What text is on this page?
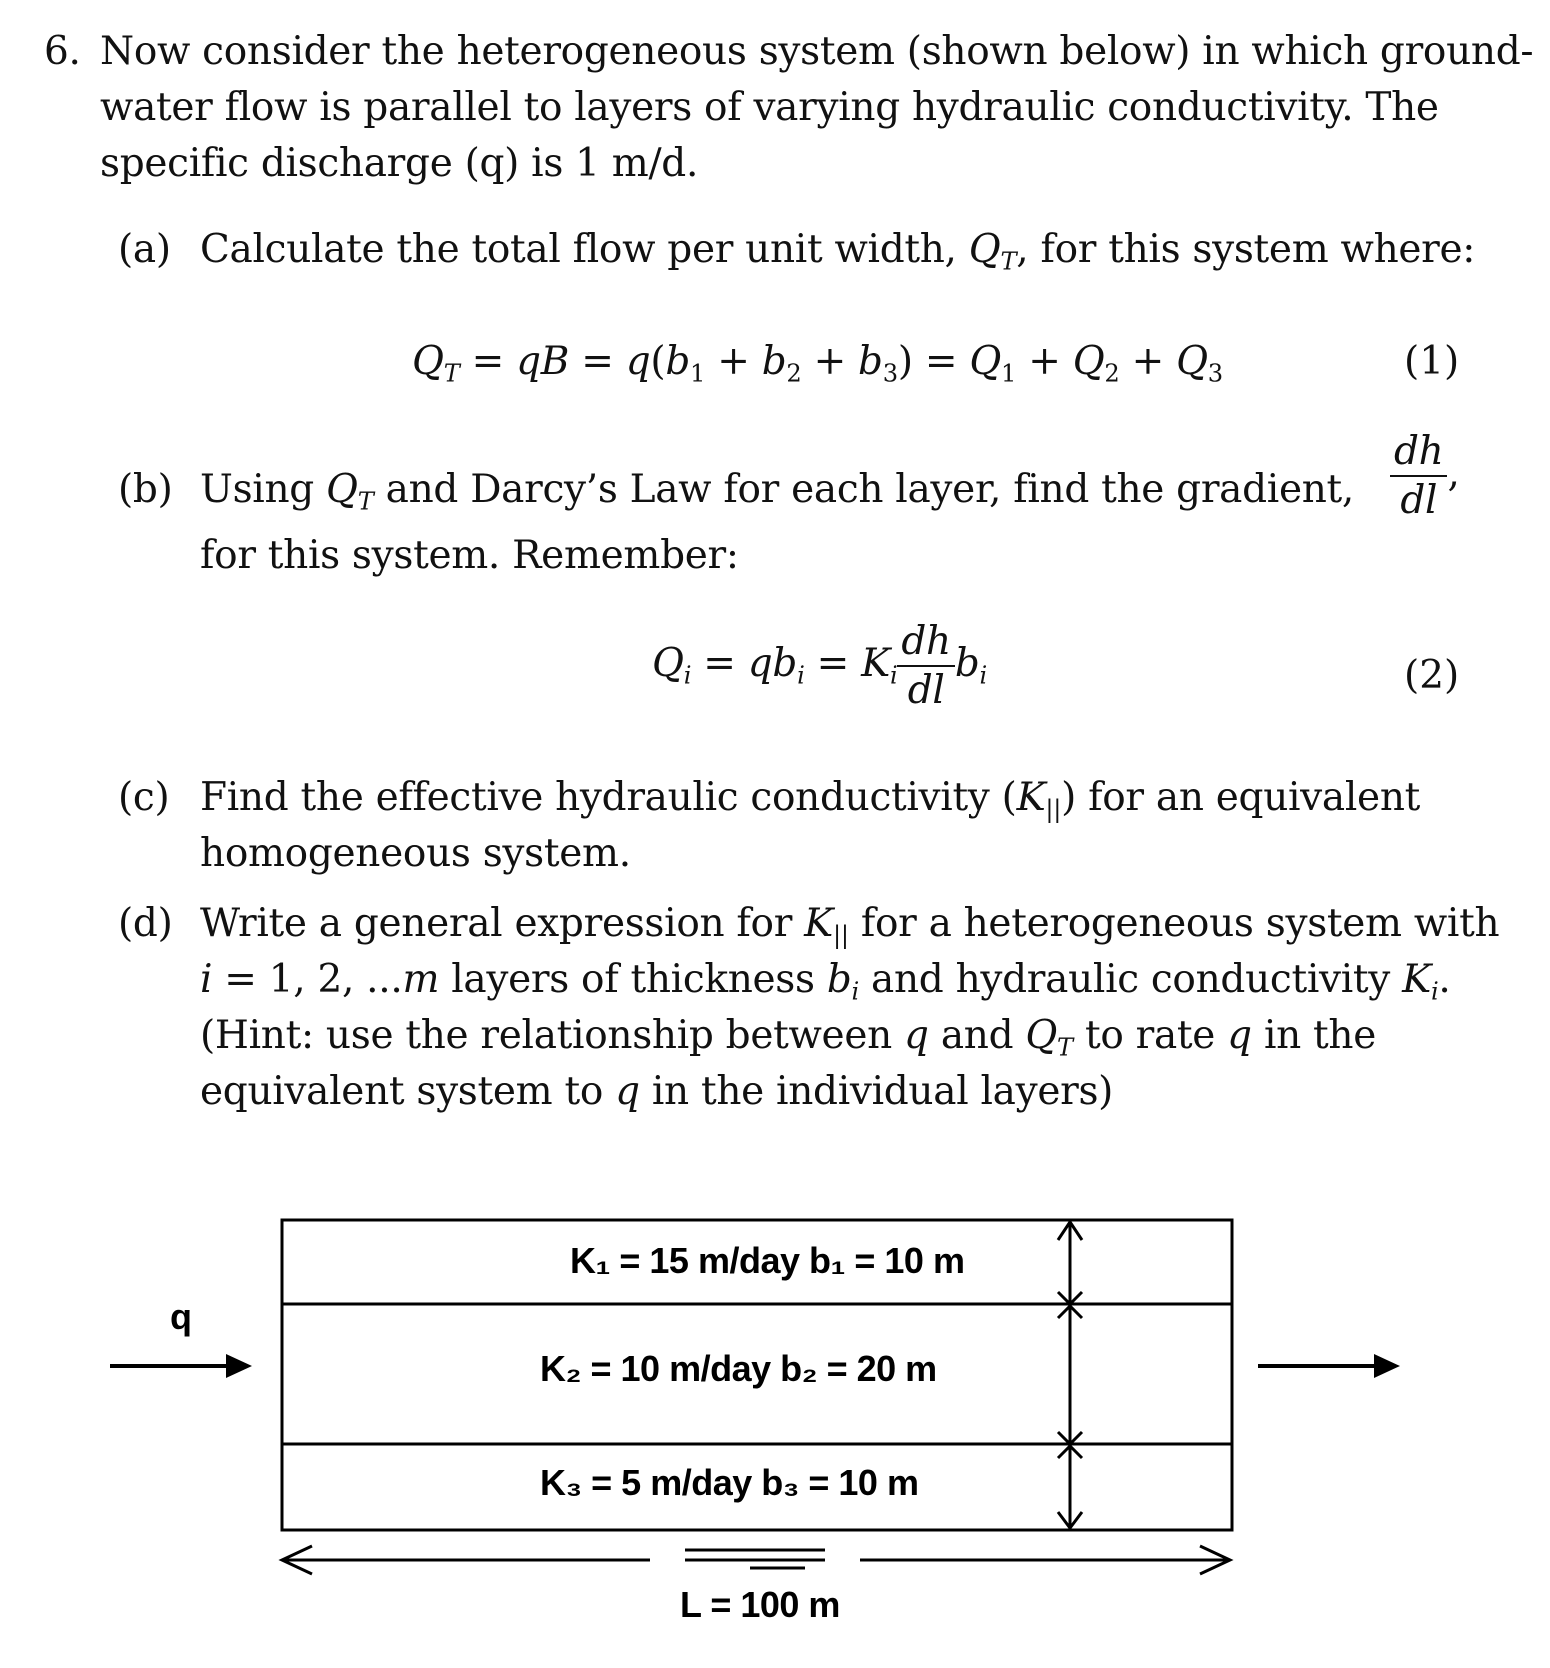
6. Now consider the heterogeneous system (shown below) in which ground-
water flow is parallel to layers of varying hydraulic conductivity. The
specific discharge (q) is 1 m/d.
(a) Calculate the total flow per unit width, $Q_T$, for this system where:
$Q_T$ = qB = $q(b_1 + b_2 + b_3) = Q_1 + Q_2 + Q_3$	(1)
(b) Using $Q_T$ and Darcy’s Law for each layer, find the gradient, $\frac{dh}{dl}$ ,
for this system. Remember:
$Q_i = qb_i = K_i \frac{dh}{dl} b_i$	(2)
(c) Find the effective hydraulic conductivity $(K_{||})$ for an equivalent
homogeneous system.
(d) Write a general expression for $K_{||}$ for a heterogeneous system with
i = 1, 2, ...m layers of thickness $b_i$ and hydraulic conductivity $K_i$.
(Hint: use the relationship between q and $Q_T$ to rate q in the
equivalent system to q in the individual layers)
q
K₁ = 15 m/day b₁ = 10 m
K₂ = 10 m/day b₂ = 20 m
K₃ = 5 m/day b₃ = 10 m
L = 100 m
